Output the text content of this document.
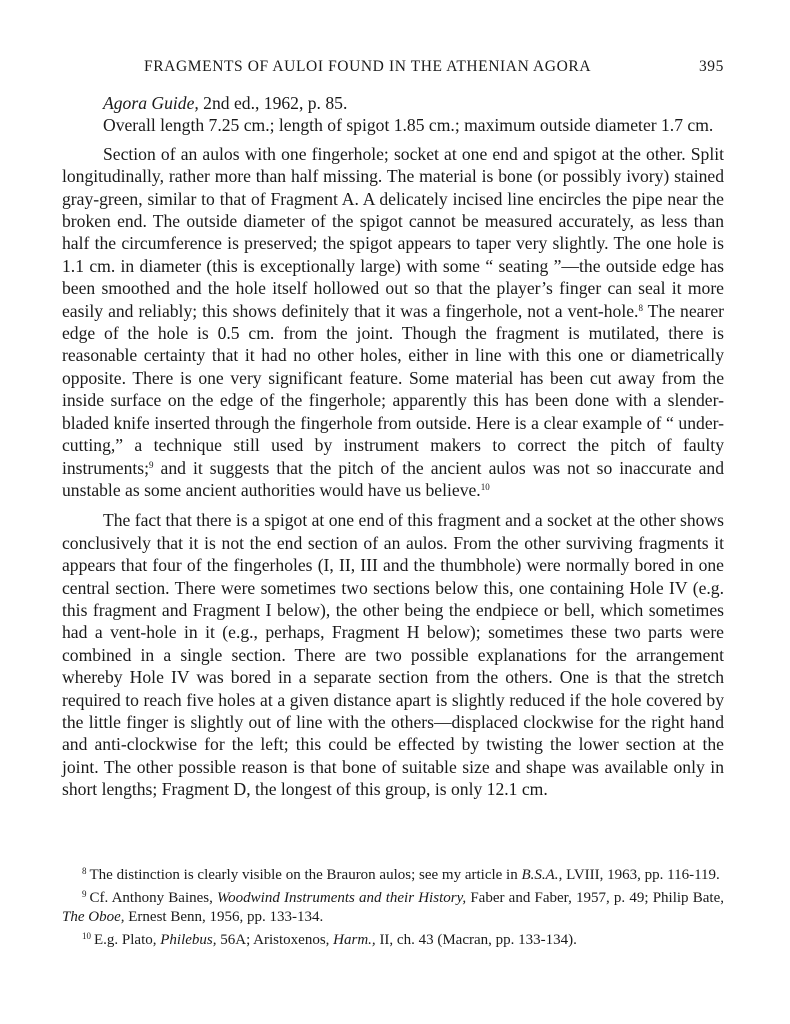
FRAGMENTS OF AULOI FOUND IN THE ATHENIAN AGORA	395

Agora Guide, 2nd ed., 1962, p. 85.

Overall length 7.25 cm.; length of spigot 1.85 cm.; maximum outside diameter 1.7 cm.

Section of an aulos with one fingerhole; socket at one end and spigot at the other. Split longitudinally, rather more than half missing. The material is bone (or possibly ivory) stained gray-green, similar to that of Fragment A. A delicately incised line encircles the pipe near the broken end. The outside diameter of the spigot cannot be measured accurately, as less than half the circumference is preserved; the spigot appears to taper very slightly. The one hole is 1.1 cm. in diameter (this is exceptionally large) with some “ seating ”—the outside edge has been smoothed and the hole itself hollowed out so that the player’s finger can seal it more easily and reliably; this shows definitely that it was a fingerhole, not a vent-hole.$^8$ The nearer edge of the hole is 0.5 cm. from the joint. Though the fragment is mutilated, there is reasonable certainty that it had no other holes, either in line with this one or diametrically opposite. There is one very significant feature. Some material has been cut away from the inside surface on the edge of the fingerhole; apparently this has been done with a slender-bladed knife inserted through the fingerhole from outside. Here is a clear example of “ under-cutting,” a technique still used by instrument makers to correct the pitch of faulty instruments;$^9$ and it suggests that the pitch of the ancient aulos was not so inaccurate and unstable as some ancient authorities would have us believe.$^{10}$

The fact that there is a spigot at one end of this fragment and a socket at the other shows conclusively that it is not the end section of an aulos. From the other surviving fragments it appears that four of the fingerholes (I, II, III and the thumbhole) were normally bored in one central section. There were sometimes two sections below this, one containing Hole IV (e.g. this fragment and Fragment I below), the other being the endpiece or bell, which sometimes had a vent-hole in it (e.g., perhaps, Fragment H below); sometimes these two parts were combined in a single section. There are two possible explanations for the arrangement whereby Hole IV was bored in a separate section from the others. One is that the stretch required to reach five holes at a given distance apart is slightly reduced if the hole covered by the little finger is slightly out of line with the others—displaced clockwise for the right hand and anti-clockwise for the left; this could be effected by twisting the lower section at the joint. The other possible reason is that bone of suitable size and shape was available only in short lengths; Fragment D, the longest of this group, is only 12.1 cm.

$^8$ The distinction is clearly visible on the Brauron aulos; see my article in B.S.A., LVIII, 1963, pp. 116-119.

$^9$ Cf. Anthony Baines, Woodwind Instruments and their History, Faber and Faber, 1957, p. 49; Philip Bate, The Oboe, Ernest Benn, 1956, pp. 133-134.

$^{10}$ E.g. Plato, Philebus, 56A; Aristoxenos, Harm., II, ch. 43 (Macran, pp. 133-134).
